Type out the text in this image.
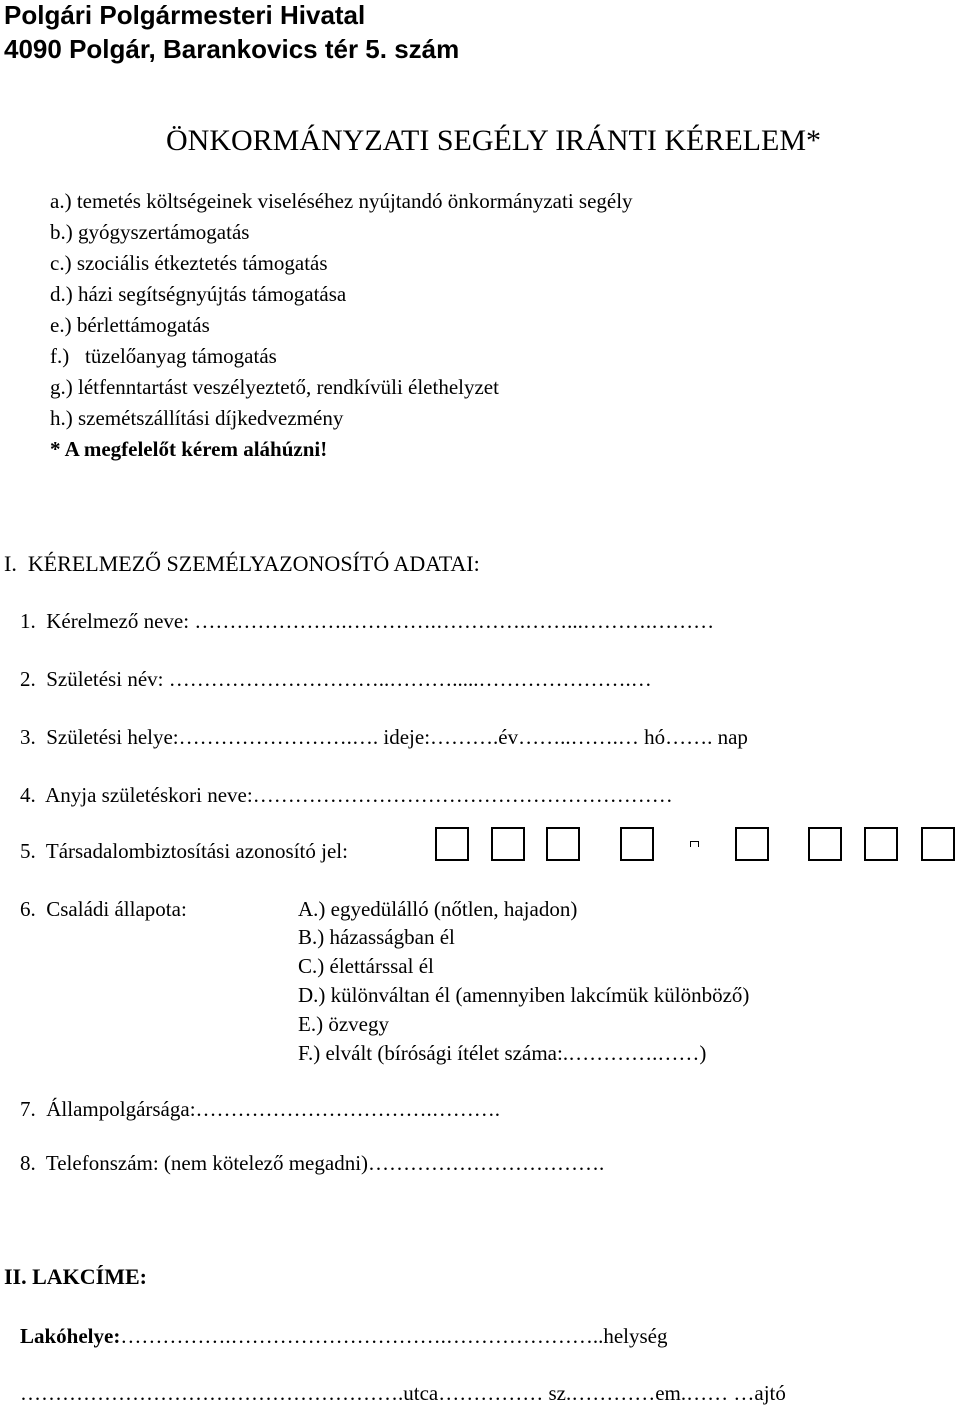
Polgári Polgármesteri Hivatal
4090 Polgár, Barankovics tér 5. szám
ÖNKORMÁNYZATI SEGÉLY IRÁNTI KÉRELEM*
a.) temetés költségeinek viseléséhez nyújtandó önkormányzati segély
b.) gyógyszertámogatás
c.) szociális étkeztetés támogatás
d.) házi segítségnyújtás támogatása
e.) bérlettámogatás
f.)   tüzelőanyag támogatás
g.) létfenntartást veszélyeztető, rendkívüli élethelyzet
h.) szemétszállítási díjkedvezmény
* A megfelelőt kérem aláhúzni!
I.  KÉRELMEZŐ SZEMÉLYAZONOSÍTÓ ADATAI:
1.  Kérelmező neve: ………………….………….………….……...……….………
2.  Születési név: …………………………..……….....………………….…
3.  Születési helye:…………………….…. ideje:……….év……..…….… hó……. nap
4.  Anyja születéskori neve:……………………………………………………
5.  Társadalombiztosítási azonosító jel:
6.  Családi állapota:	A.) egyedülálló (nőtlen, hajadon)
B.) házasságban él
C.) élettárssal él
D.) különváltan él (amennyiben lakcímük különböző)
E.) özvegy
F.) elvált (bírósági ítélet száma:.………….……)
7.  Állampolgársága:…………………………….……….
8.  Telefonszám: (nem kötelező megadni)…………………………….
II. LAKCÍME:
Lakóhelye:…………….………………………….…………………..helység
……………………………………………….utca…………… sz.…………em.…… …ajtó
